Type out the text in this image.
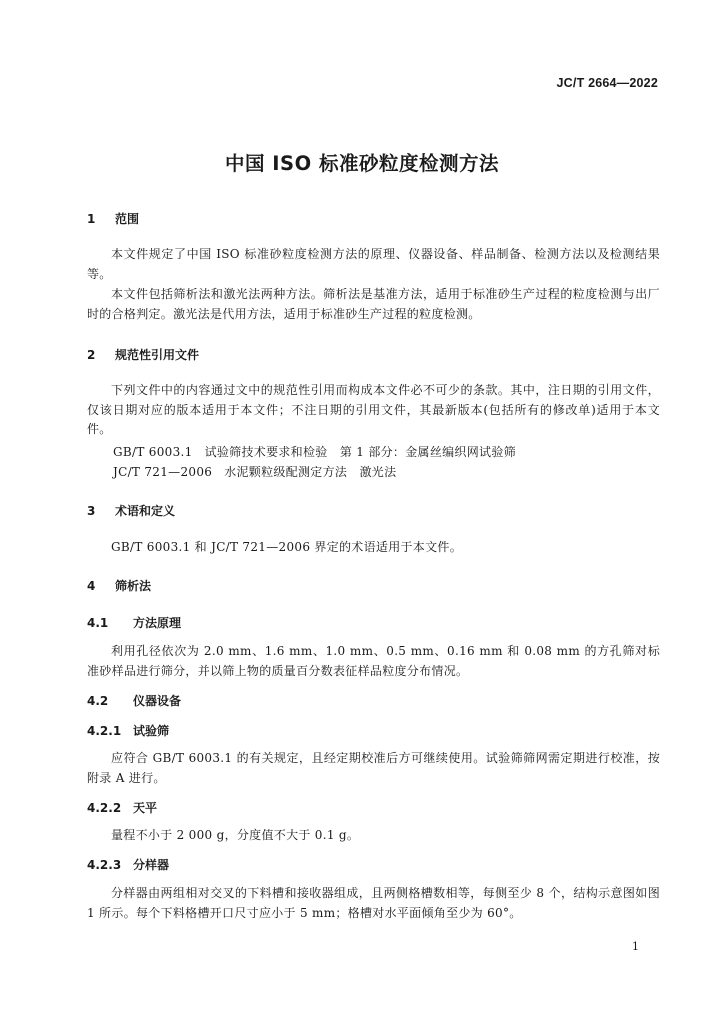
JC/T 2664—2022
中国 ISO 标准砂粒度检测方法
1 范围
本文件规定了中国 ISO 标准砂粒度检测方法的原理、仪器设备、样品制备、检测方法以及检测结果等。
本文件包括筛析法和激光法两种方法。筛析法是基准方法，适用于标准砂生产过程的粒度检测与出厂时的合格判定。激光法是代用方法，适用于标准砂生产过程的粒度检测。
2 规范性引用文件
下列文件中的内容通过文中的规范性引用而构成本文件必不可少的条款。其中，注日期的引用文件，仅该日期对应的版本适用于本文件；不注日期的引用文件，其最新版本(包括所有的修改单)适用于本文件。
GB/T 6003.1 试验筛技术要求和检验　第 1 部分：金属丝编织网试验筛
JC/T 721—2006 水泥颗粒级配测定方法　激光法
3 术语和定义
GB/T 6003.1 和 JC/T 721—2006 界定的术语适用于本文件。
4 筛析法
4.1 方法原理
利用孔径依次为 2.0 mm、1.6 mm、1.0 mm、0.5 mm、0.16 mm 和 0.08 mm 的方孔筛对标准砂样品进行筛分，并以筛上物的质量百分数表征样品粒度分布情况。
4.2 仪器设备
4.2.1 试验筛
应符合 GB/T 6003.1 的有关规定，且经定期校准后方可继续使用。试验筛筛网需定期进行校准，按附录 A 进行。
4.2.2 天平
量程不小于 2 000 g，分度值不大于 0.1 g。
4.2.3 分样器
分样器由两组相对交叉的下料槽和接收器组成，且两侧格槽数相等，每侧至少 8 个，结构示意图如图 1 所示。每个下料格槽开口尺寸应小于 5 mm；格槽对水平面倾角至少为 60°。
1
